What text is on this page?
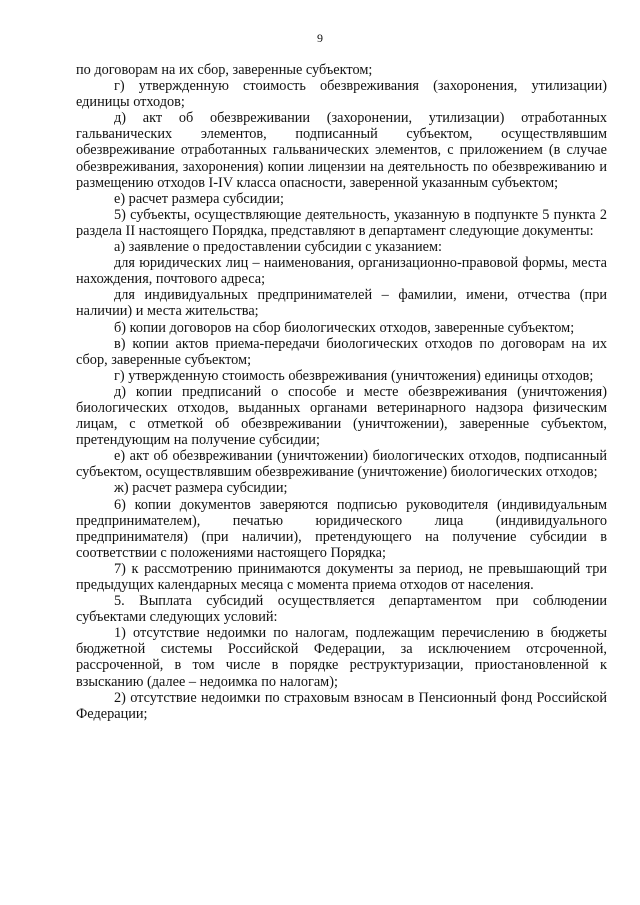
9

по договорам на их сбор, заверенные субъектом;

г) утвержденную стоимость обезвреживания (захоронения, утилизации) единицы отходов;

д) акт об обезвреживании (захоронении, утилизации) отработанных гальванических элементов, подписанный субъектом, осуществлявшим обезвреживание отработанных гальванических элементов, с приложением (в случае обезвреживания, захоронения) копии лицензии на деятельность по обезвреживанию и размещению отходов I-IV класса опасности, заверенной указанным субъектом;

е) расчет размера субсидии;

5) субъекты, осуществляющие деятельность, указанную в подпункте 5 пункта 2 раздела II настоящего Порядка, представляют в департамент следующие документы:

а) заявление о предоставлении субсидии с указанием:

для юридических лиц – наименования, организационно-правовой формы, места нахождения, почтового адреса;

для индивидуальных предпринимателей – фамилии, имени, отчества (при наличии) и места жительства;

б) копии договоров на сбор биологических отходов, заверенные субъектом;

в) копии актов приема-передачи биологических отходов по договорам на их сбор, заверенные субъектом;

г) утвержденную стоимость обезвреживания (уничтожения) единицы отходов;

д) копии предписаний о способе и месте обезвреживания (уничтожения) биологических отходов, выданных органами ветеринарного надзора физическим лицам, с отметкой об обезвреживании (уничтожении), заверенные субъектом, претендующим на получение субсидии;

е) акт об обезвреживании (уничтожении) биологических отходов, подписанный субъектом, осуществлявшим обезвреживание (уничтожение) биологических отходов;

ж) расчет размера субсидии;

6) копии документов заверяются подписью руководителя (индивидуальным предпринимателем), печатью юридического лица (индивидуального предпринимателя) (при наличии), претендующего на получение субсидии в соответствии с положениями настоящего Порядка;

7) к рассмотрению принимаются документы за период, не превышающий три предыдущих календарных месяца с момента приема отходов от населения.

5. Выплата субсидий осуществляется департаментом при соблюдении субъектами следующих условий:

1) отсутствие недоимки по налогам, подлежащим перечислению в бюджеты бюджетной системы Российской Федерации, за исключением отсроченной, рассроченной, в том числе в порядке реструктуризации, приостановленной к взысканию (далее – недоимка по налогам);

2) отсутствие недоимки по страховым взносам в Пенсионный фонд Российской Федерации;
